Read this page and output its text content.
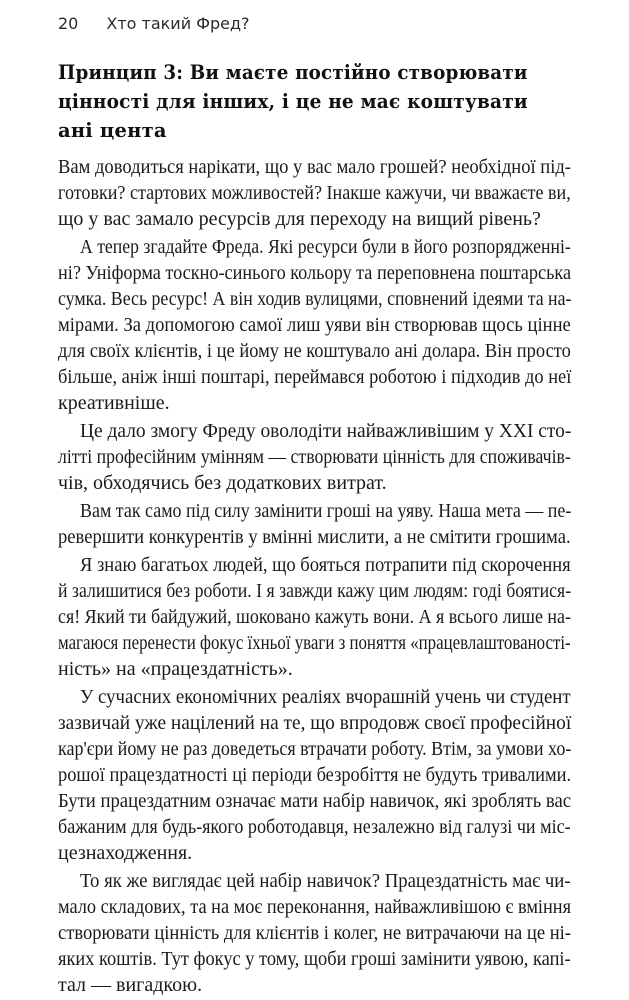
20 Хто такий Фред?
Принцип 3: Ви маєте постійно створювати
цінності для інших, і це не має коштувати
ані цента
Вам доводиться нарікати, що у вас мало грошей? необхідної під-
готовки? стартових можливостей? Інакше кажучи, чи вважаєте ви,
що у вас замало ресурсів для переходу на вищий рівень?
А тепер згадайте Фреда. Які ресурси були в його розпорядженні-
ні? Уніформа тоскно-синього кольору та переповнена поштарська
сумка. Весь ресурс! А він ходив вулицями, сповнений ідеями та на-
мірами. За допомогою самої лиш уяви він створював щось цінне
для своїх клієнтів, і це йому не коштувало ані долара. Він просто
більше, аніж інші поштарі, переймався роботою і підходив до неї
креативніше.
Це дало змогу Фреду оволодіти найважливішим у XXI сто-
літті професійним умінням — створювати цінність для споживачів-
чів, обходячись без додаткових витрат.
Вам так само під силу замінити гроші на уяву. Наша мета — пе-
ревершити конкурентів у вмінні мислити, а не смітити грошима.
Я знаю багатьох людей, що бояться потрапити під скорочення
й залишитися без роботи. І я завжди кажу цим людям: годі боятися-
ся! Який ти байдужий, шоковано кажуть вони. А я всього лише на-
магаюся перенести фокус їхньої уваги з поняття «працевлаштованості-
ність» на «працездатність».
У сучасних економічних реаліях вчорашній учень чи студент
зазвичай уже націлений на те, що впродовж своєї професійної
кар'єри йому не раз доведеться втрачати роботу. Втім, за умови хо-
рошої працездатності ці періоди безробіття не будуть тривалими.
Бути працездатним означає мати набір навичок, які зроблять вас
бажаним для будь-якого роботодавця, незалежно від галузі чи міс-
цезнаходження.
То як же виглядає цей набір навичок? Працездатність має чи-
мало складових, та на моє переконання, найважливішою є вміння
створювати цінність для клієнтів і колег, не витрачаючи на це ні-
яких коштів. Тут фокус у тому, щоби гроші замінити уявою, капі-
тал — вигадкою.
